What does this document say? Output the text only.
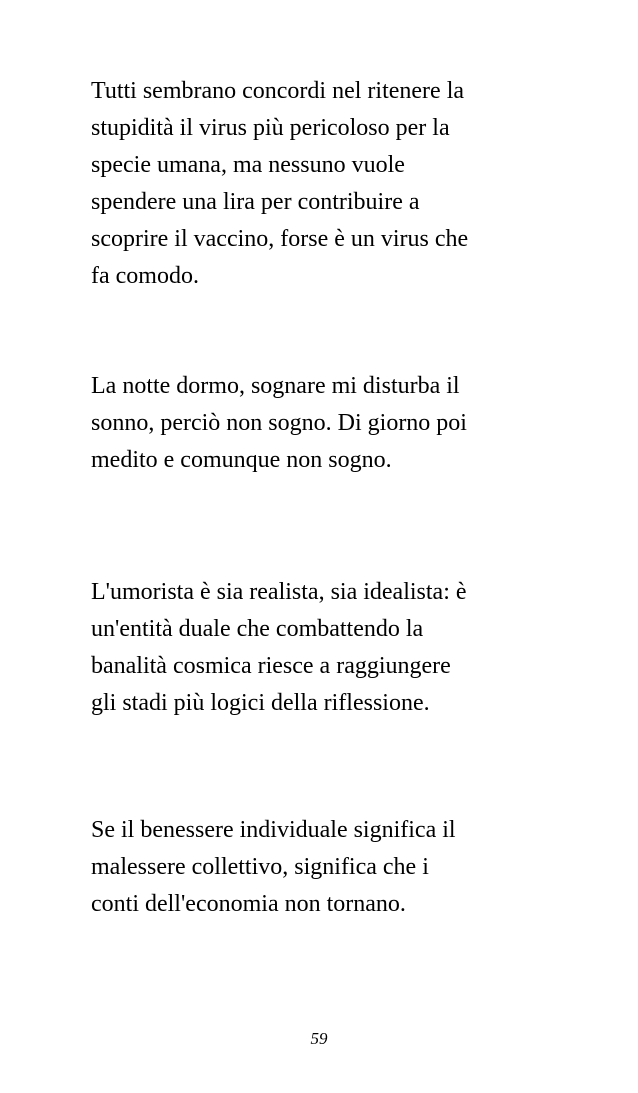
Tutti sembrano concordi nel ritenere la
stupidità il virus più pericoloso per la
specie umana, ma nessuno vuole
spendere una lira per contribuire a
scoprire il vaccino, forse è un virus che
fa comodo.

La notte dormo, sognare mi disturba il
sonno, perciò non sogno. Di giorno poi
medito e comunque non sogno.

L'umorista è sia realista, sia idealista: è
un'entità duale che combattendo la
banalità cosmica riesce a raggiungere
gli stadi più logici della riflessione.

Se il benessere individuale significa il
malessere collettivo, significa che i
conti dell'economia non tornano.

59
